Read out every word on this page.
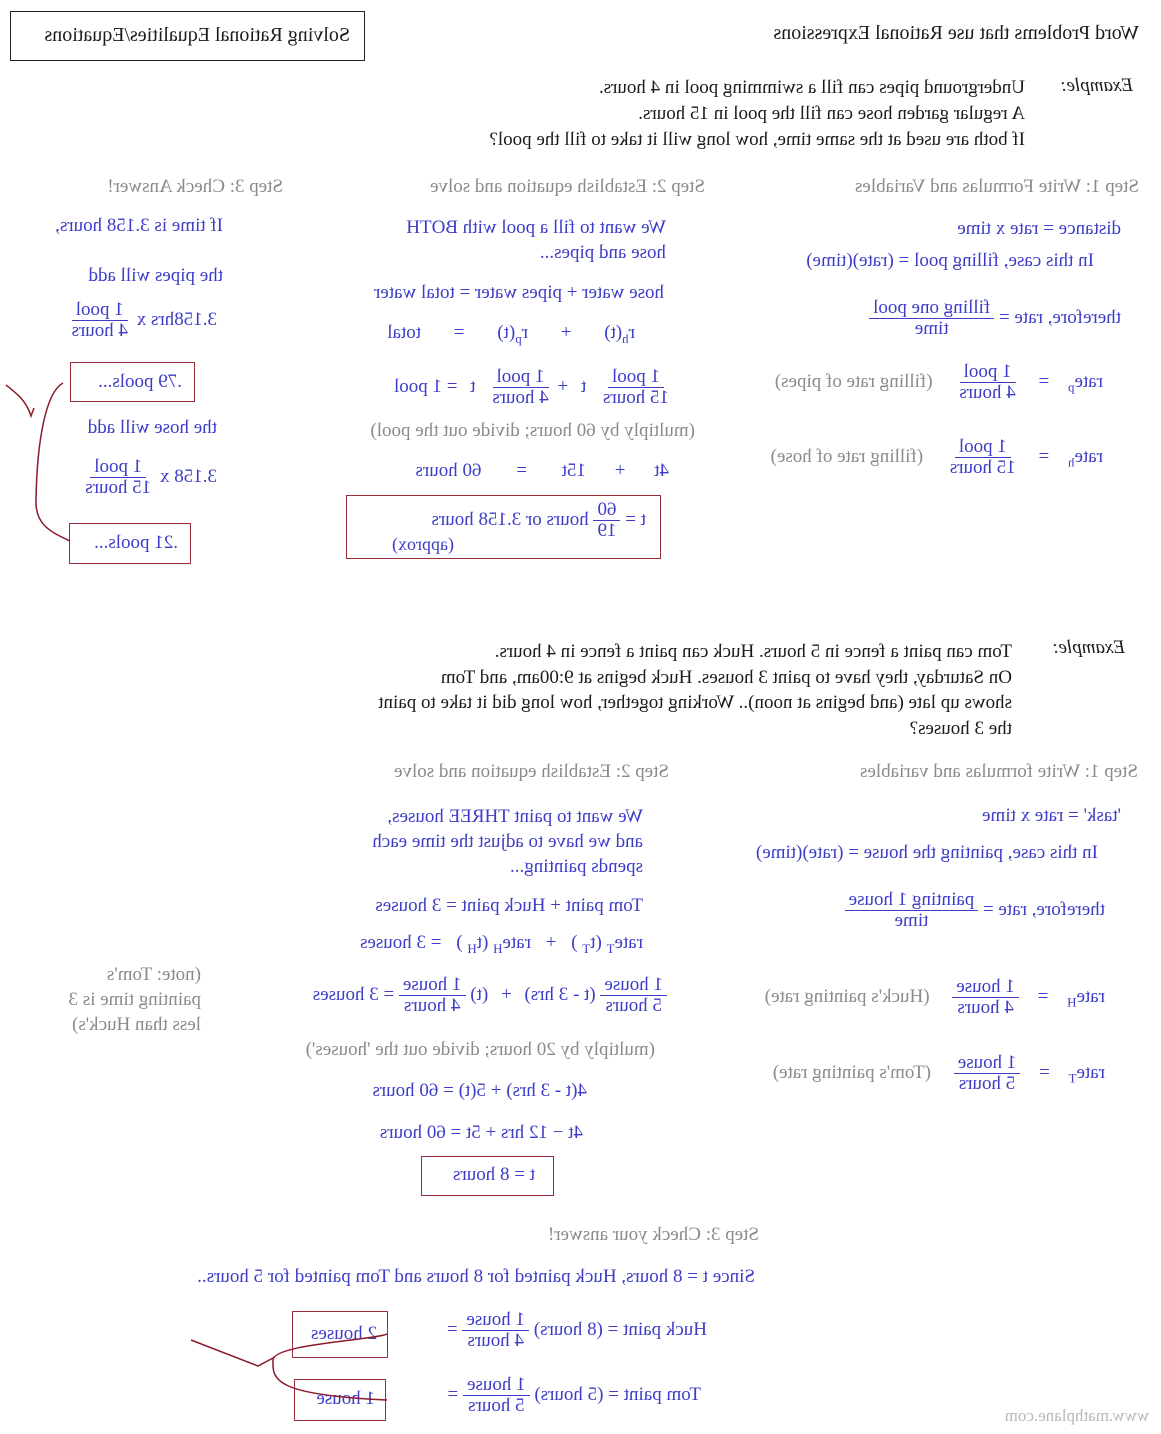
Word Problems that use Rational Expressions
Solving Rational Equalities/Equations
Example:
Underground pipes can fill a swimming pool in 4 hours.
A regular garden hose can fill the pool in 15 hours.
If both are used at the same time, how long will it take to fill the pool?
Step 1: Write Formulas and Variables
distance = rate x time
In this case, filling pool = (rate)(time)
therefore, rate =
$\frac{\text{filling one pool}}{\text{time}}$
rate$_p$ =
$\frac{\text{1 pool}}{\text{4 hours}}$
(filling rate of pipes)
rate$_h$ =
$\frac{\text{1 pool}}{\text{15 hours}}$
(filling rate of hose)
Step 2: Establish equation and solve
We want to fill a pool with BOTH
hose and pipes...
hose water + pipes water = total water
$r_h(t) + r_p(t)$ = total
$\frac{\text{1 pool}}{\text{15 hours}}$
t +
$\frac{\text{1 pool}}{\text{4 hours}}$
t = 1 pool
(multiply by 60 hours; divide out the pool)
4t + 15t = 60 hours
t =
$\frac{60}{19}$
hours or 3.158 hours
(approx)
Step 3: Check Answer!
If time is 3.158 hours,
the pipes will add
3.158hrs x
$\frac{\text{1 pool}}{\text{4 hours}}$
.79 pools...
the hose will add
3.158 x
$\frac{\text{1 pool}}{\text{15 hours}}$
.21 pools...
Example:
Tom can paint a fence in 5 hours. Huck can paint a fence in 4 hours.
On Saturday, they have to paint 3 houses. Huck begins at 9:00am, and Tom
shows up late (and begins at noon).. Working together, how long did it take to paint
the 3 houses?
Step 1: Write formulas and variables
'task' = rate x time
In this case, painting the house = (rate)(time)
therefore, rate =
$\frac{\text{painting 1 house}}{\text{time}}$
rate$_H$ =
$\frac{\text{1 house}}{\text{4 hours}}$
(Huck's painting rate)
rate$_T$ =
$\frac{\text{1 house}}{\text{5 hours}}$
(Tom's painting rate)
Step 2: Establish equation and solve
We want to paint THREE houses,
and we have to adjust the time each
spends painting...
Tom paint + Huck paint = 3 houses
rate$_T$ ($t_T$ ) + rate$_H$ ($t_H$ ) = 3 houses
$\frac{\text{1 house}}{\text{5 hours}}$
(t - 3 hrs) + (t)
$\frac{\text{1 house}}{\text{4 hours}}$
= 3 houses
(note: Tom's
painting time is 3
less than Huck's)
(multiply by 20 hours; divide out the 'houses')
4(t - 3 hrs) + 5(t) = 60 hours
4t − 12 hrs + 5t = 60 hours
t = 8 hours
Step 3: Check your answer!
Since t = 8 hours, Huck painted for 8 hours and Tom painted for 5 hours..
Huck paint = (8 hours)
$\frac{\text{1 house}}{\text{4 hours}}$
=
2 houses
Tom paint = (5 hours)
$\frac{\text{1 house}}{\text{5 hours}}$
=
1 house
www.mathplane.com
